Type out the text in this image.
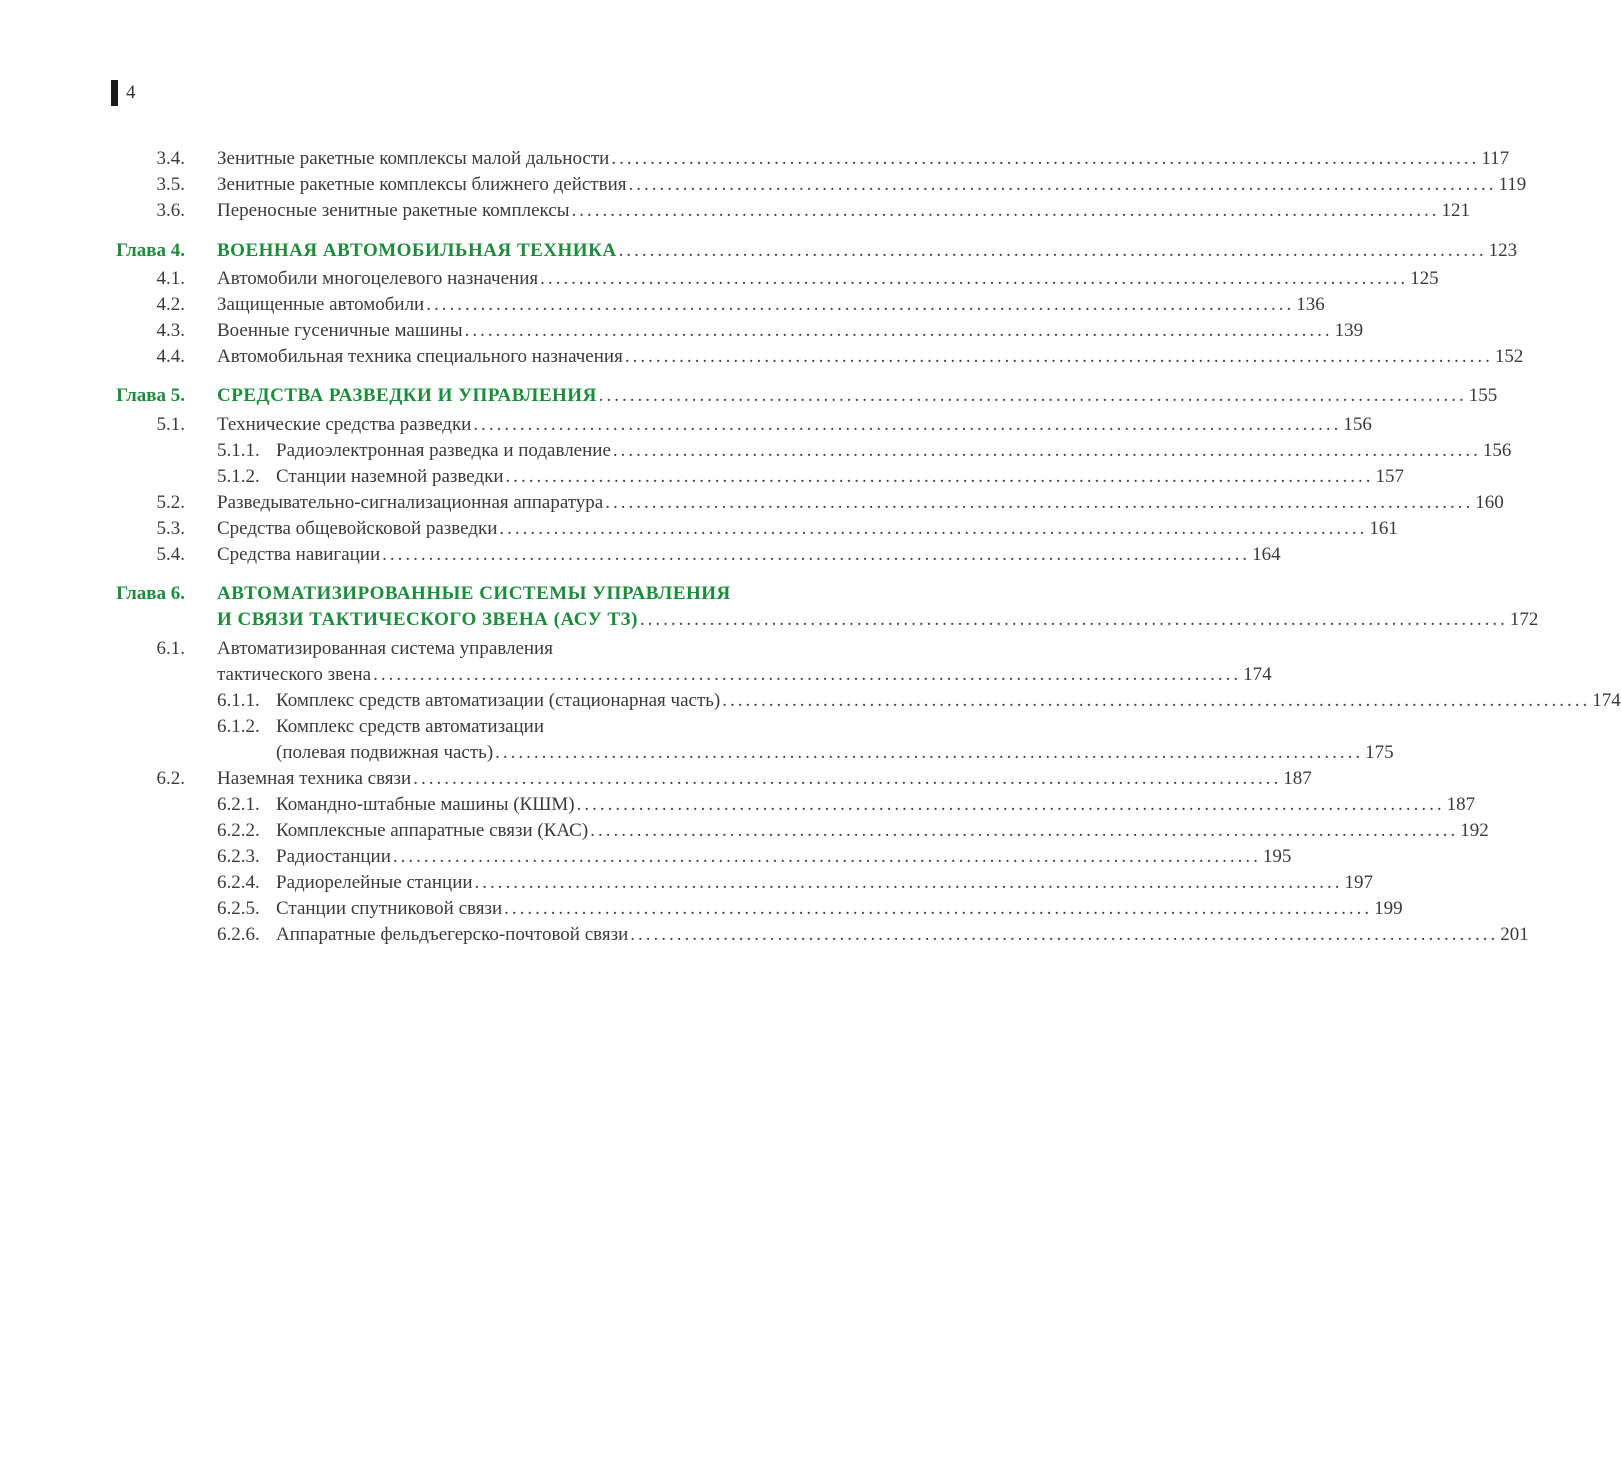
4
3.4. Зенитные ракетные комплексы малой дальности ................................................................................................................ 117
3.5. Зенитные ракетные комплексы ближнего действия ................................................................................................................ 119
3.6. Переносные зенитные ракетные комплексы ................................................................................................................ 121
Глава 4. ВОЕННАЯ АВТОМОБИЛЬНАЯ ТЕХНИКА ................................................................................................................ 123
4.1. Автомобили многоцелевого назначения ................................................................................................................ 125
4.2. Защищенные автомобили ................................................................................................................ 136
4.3. Военные гусеничные машины ................................................................................................................ 139
4.4. Автомобильная техника специального назначения ................................................................................................................ 152
Глава 5. СРЕДСТВА РАЗВЕДКИ И УПРАВЛЕНИЯ ................................................................................................................ 155
5.1. Технические средства разведки ................................................................................................................ 156
5.1.1. Радиоэлектронная разведка и подавление ................................................................................................................ 156
5.1.2. Станции наземной разведки ................................................................................................................ 157
5.2. Разведывательно-сигнализационная аппаратура ................................................................................................................ 160
5.3. Средства общевойсковой разведки ................................................................................................................ 161
5.4. Средства навигации ................................................................................................................ 164
Глава 6. АВТОМАТИЗИРОВАННЫЕ СИСТЕМЫ УПРАВЛЕНИЯ
И СВЯЗИ ТАКТИЧЕСКОГО ЗВЕНА (АСУ ТЗ) ................................................................................................................ 172
6.1. Автоматизированная система управления
тактического звена ................................................................................................................ 174
6.1.1. Комплекс средств автоматизации (стационарная часть) ................................................................................................................ 174
6.1.2. Комплекс средств автоматизации
(полевая подвижная часть) ................................................................................................................ 175
6.2. Наземная техника связи ................................................................................................................ 187
6.2.1. Командно-штабные машины (КШМ) ................................................................................................................ 187
6.2.2. Комплексные аппаратные связи (КАС) ................................................................................................................ 192
6.2.3. Радиостанции ................................................................................................................ 195
6.2.4. Радиорелейные станции ................................................................................................................ 197
6.2.5. Станции спутниковой связи ................................................................................................................ 199
6.2.6. Аппаратные фельдъегерско-почтовой связи ................................................................................................................ 201
